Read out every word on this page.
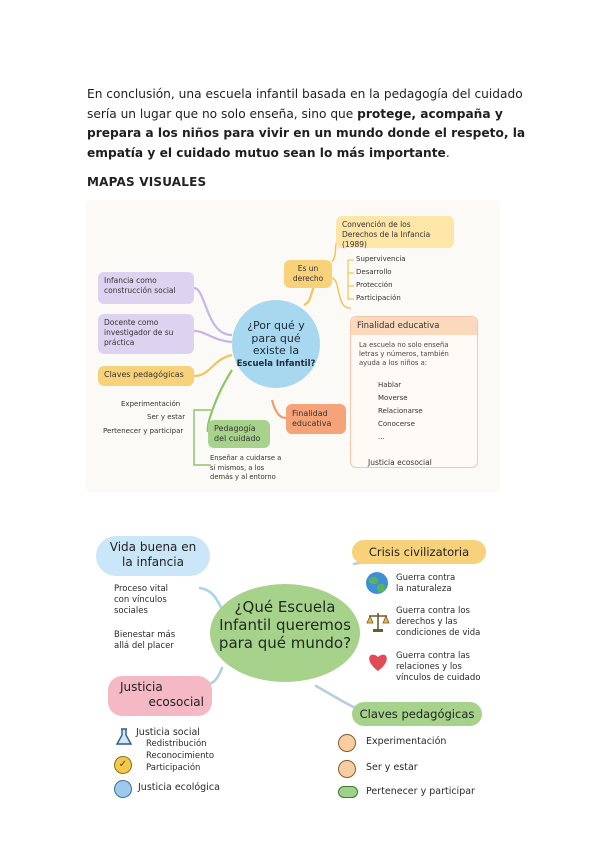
En conclusión, una escuela infantil basada en la pedagogía del cuidado sería un lugar que no solo enseña, sino que protege, acompaña y prepara a los niños para vivir en un mundo donde el respeto, la empatía y el cuidado mutuo sean lo más importante.
MAPAS VISUALES
¿Por qué y
para qué
existe la
Escuela Infantil?
Infancia como construcción social
Docente como investigador de su práctica
Claves pedagógicas
Es un derecho
Convención de los Derechos de la Infancia (1989)
Supervivencia
Desarrollo
Protección
Participación
Finalidad educativa
La escuela no solo enseña letras y números, también ayuda a los niños a:
Hablar
Moverse
Relacionarse
Conocerse
...
Justicia ecosocial
Finalidad educativa
Experimentación
Ser y estar
Pertenecer y participar	Pedagogía del cuidado
Enseñar a cuidarse a sí mismos, a los demás y al entorno
¿Qué Escuela
Infantil queremos
para qué mundo?
Vida buena en
la infancia
Proceso vital
con vínculos
sociales
Bienestar más
allá del placer
Crisis civilizatoria
Guerra contra
la naturaleza
Guerra contra los
derechos y las
condiciones de vida
Guerra contra las
relaciones y los
vínculos de cuidado
Justicia
ecosocial
Justicia social
Redistribución
Reconocimiento
Participación
✓
Justicia ecológica
Claves pedagógicas
Experimentación
Ser y estar
Pertenecer y participar
